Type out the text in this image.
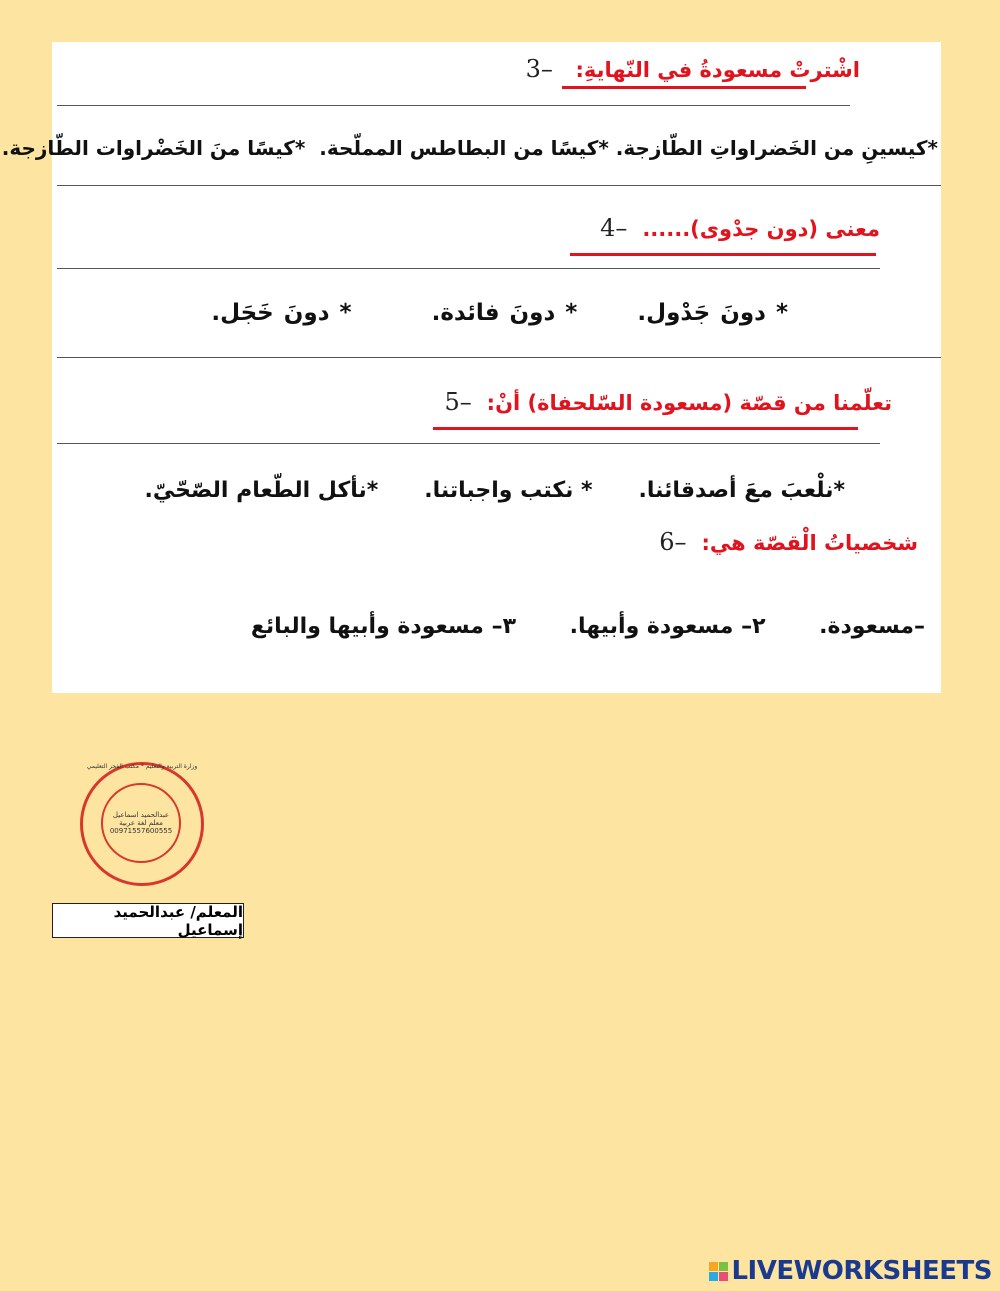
اشْترتْ مسعودةُ في النّهايةِ:   –3
*كيسينِ من الخَضراواتِ الطّازجة. *كيسًا من البطاطس المملّحة.  *كيسًا منَ الخَضْراوات الطّازجة.
معنى (دون جدْوى)......  –4
* دونَ جَدْول.      * دونَ فائدة.        * دونَ خَجَل.
تعلّمنا من قصّة (مسعودة السّلحفاة) أنْ:  –5
*نلْعبَ معَ أصدقائنا.      * نكتب واجباتنا.      *نأكل الطّعام الصّحّيّ.
شخصياتُ الْقصّة هي:  –6
–مسعودة.       ٢– مسعودة وأبيها.       ٣– مسعودة وأبيها والبائع
وزارة التربية والتعليم * مكتب الفجر التعليمي
عبدالحميد اسماعيل
معلم لغة عربية
00971557600555
المعلم/ عبدالحميد إسماعيل
LIVEWORKSHEETS
